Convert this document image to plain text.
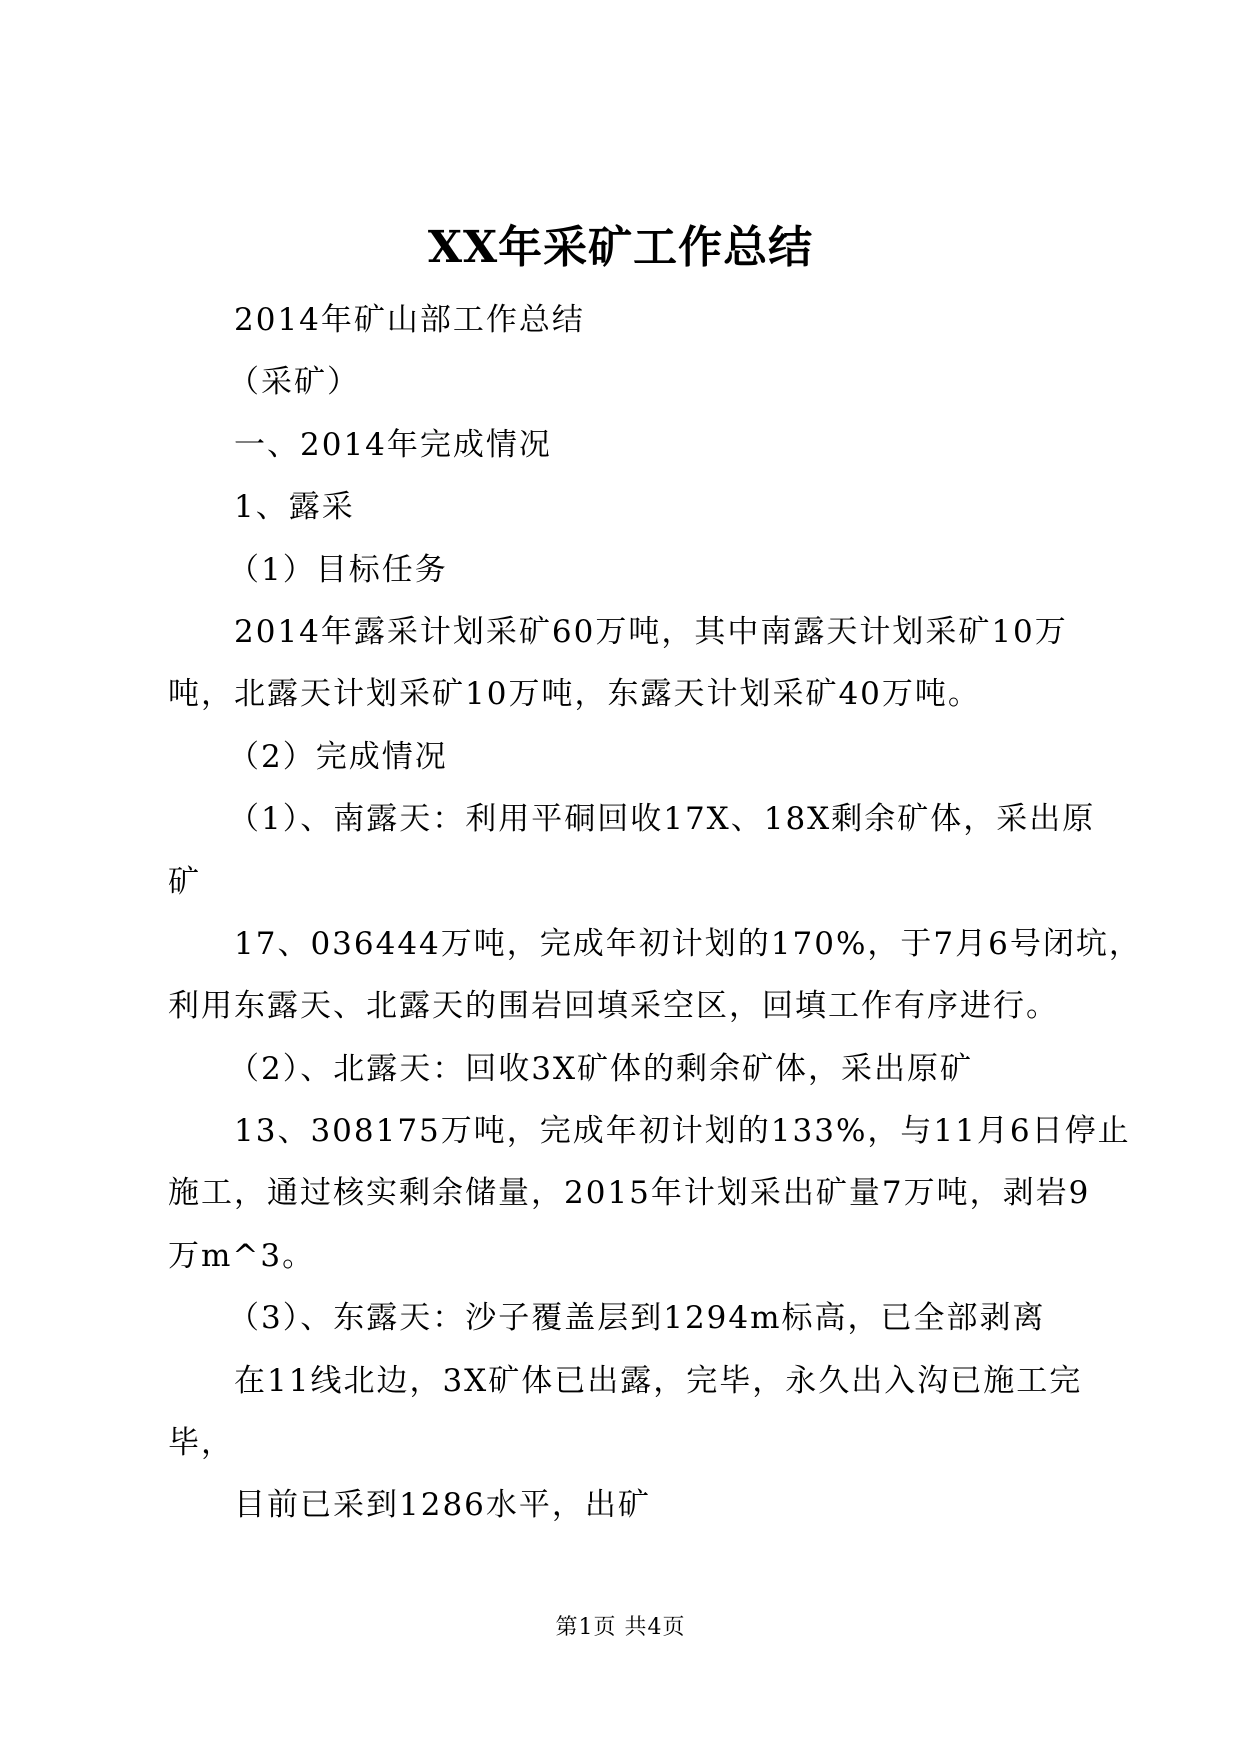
XX年采矿工作总结
2014年矿山部工作总结
（采矿）
一、2014年完成情况
1、露采
（1）目标任务
2014年露采计划采矿60万吨，其中南露天计划采矿10万
吨，北露天计划采矿10万吨，东露天计划采矿40万吨。
（2）完成情况
（1）、南露天：利用平硐回收17X、18X剩余矿体，采出原
矿
17、036444万吨，完成年初计划的170%，于7月6号闭坑，
利用东露天、北露天的围岩回填采空区，回填工作有序进行。
（2）、北露天：回收3X矿体的剩余矿体，采出原矿
13、308175万吨，完成年初计划的133%，与11月6日停止
施工，通过核实剩余储量，2015年计划采出矿量7万吨，剥岩9
万m^3。
（3）、东露天：沙子覆盖层到1294m标高，已全部剥离
在11线北边，3X矿体已出露，完毕，永久出入沟已施工完
毕，
目前已采到1286水平，出矿
第1页 共4页
